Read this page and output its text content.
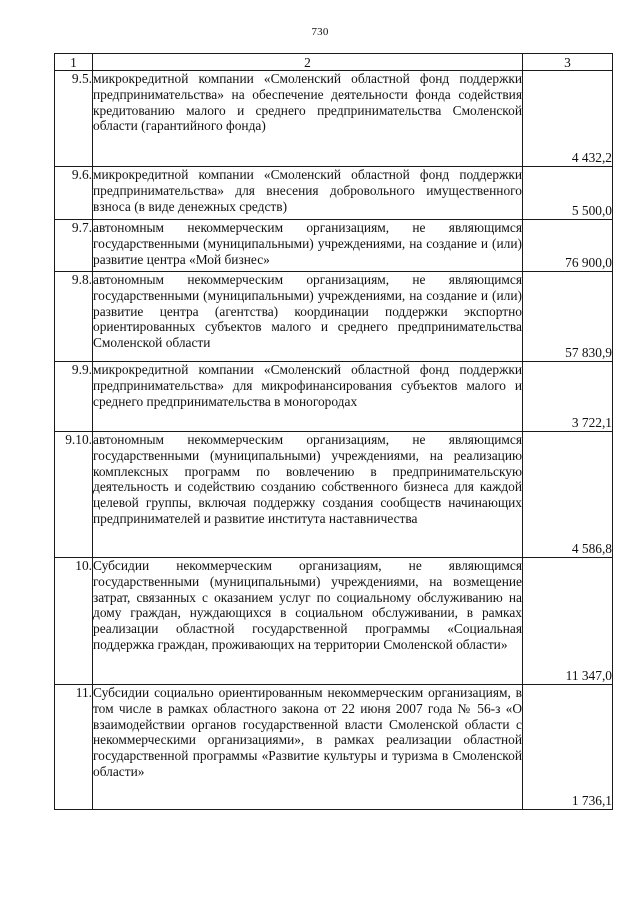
730
1	2	3
9.5.	микрокредитной компании «Смоленский областной фонд поддержки предпринимательства» на обеспечение деятельности фонда содействия кредитованию малого и среднего предпринимательства Смоленской области (гарантийного фонда)	4 432,2
9.6.	микрокредитной компании «Смоленский областной фонд поддержки предпринимательства» для внесения добровольного имущественного взноса (в виде денежных средств)	5 500,0
9.7.	автономным некоммерческим организациям, не являющимся государственными (муниципальными) учреждениями, на создание и (или) развитие центра «Мой бизнес»	76 900,0
9.8.	автономным некоммерческим организациям, не являющимся государственными (муниципальными) учреждениями, на создание и (или) развитие центра (агентства) координации поддержки экспортно ориентированных субъектов малого и среднего предпринимательства Смоленской области	57 830,9
9.9.	микрокредитной компании «Смоленский областной фонд поддержки предпринимательства» для микрофинансирования субъектов малого и среднего предпринимательства в моногородах	3 722,1
9.10.	автономным некоммерческим организациям, не являющимся государственными (муниципальными) учреждениями, на реализацию комплексных программ по вовлечению в предпринимательскую деятельность и содействию созданию собственного бизнеса для каждой целевой группы, включая поддержку создания сообществ начинающих предпринимателей и развитие института наставничества	4 586,8
10.	Субсидии некоммерческим организациям, не являющимся государственными (муниципальными) учреждениями, на возмещение затрат, связанных с оказанием услуг по социальному обслуживанию на дому граждан, нуждающихся в социальном обслуживании, в рамках реализации областной государственной программы «Социальная поддержка граждан, проживающих на территории Смоленской области»	11 347,0
11.	Субсидии социально ориентированным некоммерческим организациям, в том числе в рамках областного закона от 22 июня 2007 года № 56-з «О взаимодействии органов государственной власти Смоленской области с некоммерческими организациями», в рамках реализации областной государственной программы «Развитие культуры и туризма в Смоленской области»	1 736,1
